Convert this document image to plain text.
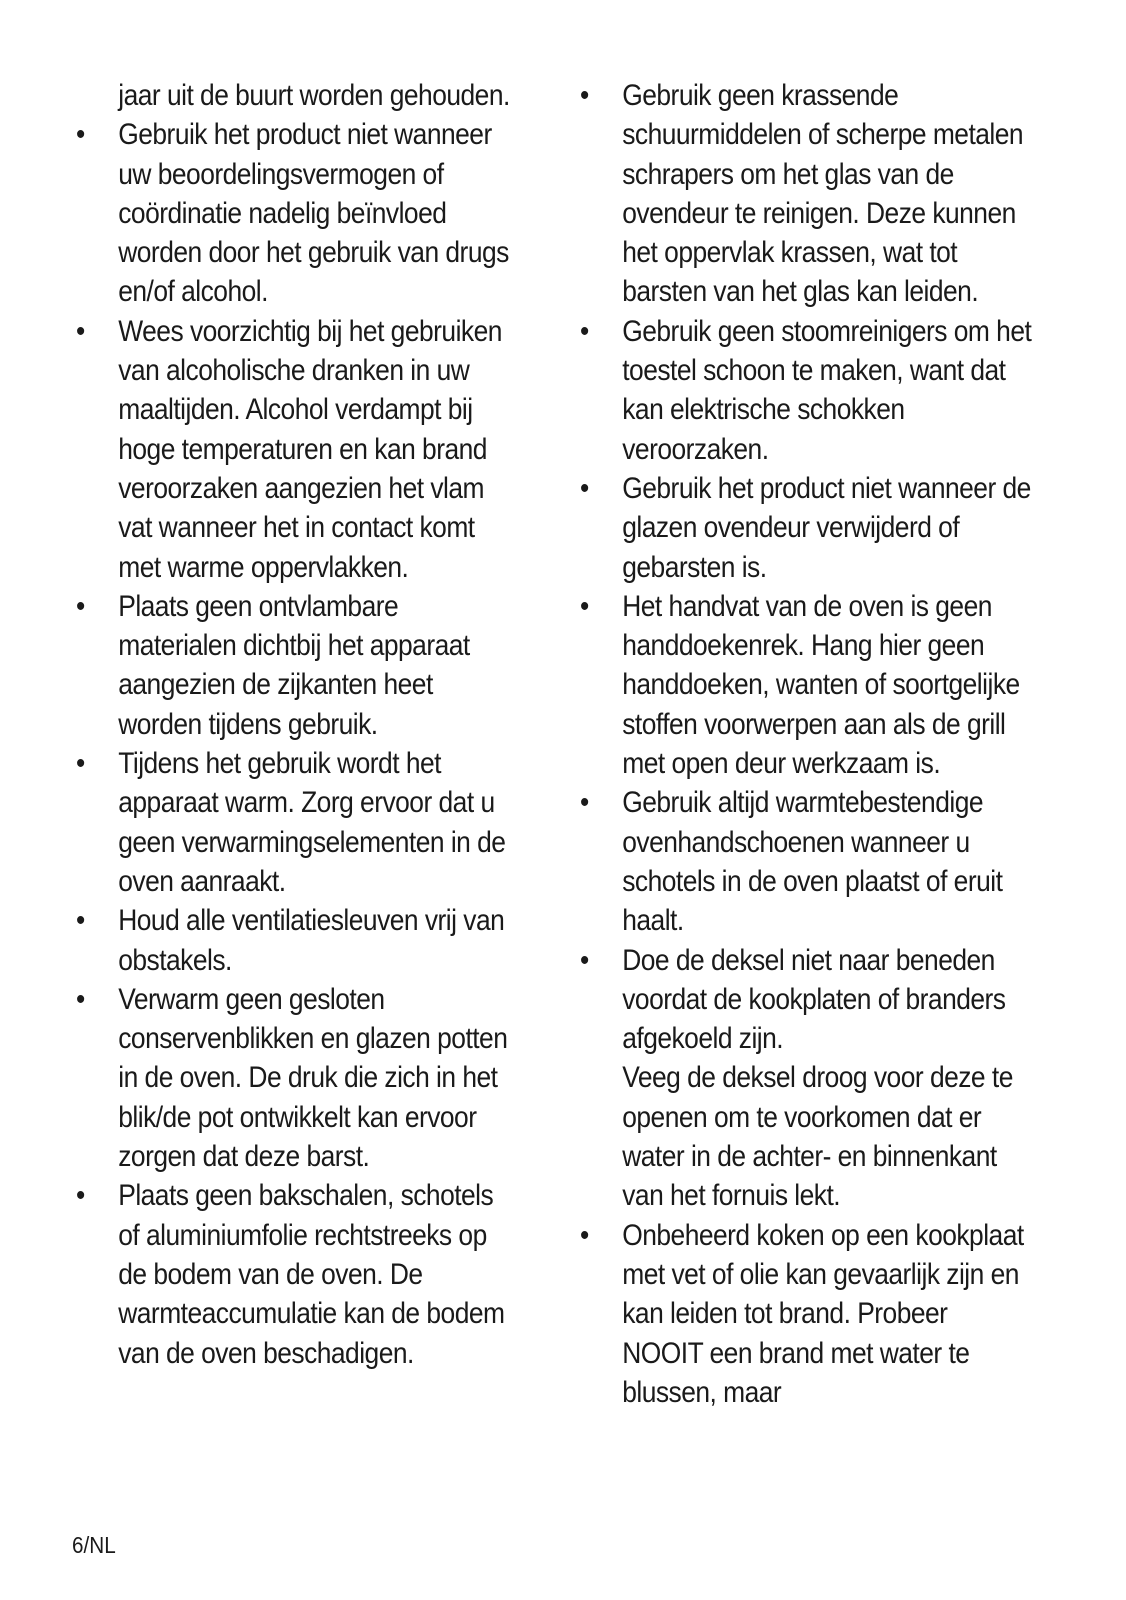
jaar uit de buurt worden gehouden.
• Gebruik het product niet wanneer uw beoordelingsvermogen of coördinatie nadelig beïnvloed worden door het gebruik van drugs en/of alcohol.
• Wees voorzichtig bij het gebruiken van alcoholische dranken in uw maaltijden. Alcohol verdampt bij hoge temperaturen en kan brand veroorzaken aangezien het vlam vat wanneer het in contact komt met warme oppervlakken.
• Plaats geen ontvlambare materialen dichtbij het apparaat aangezien de zijkanten heet worden tijdens gebruik.
• Tijdens het gebruik wordt het apparaat warm. Zorg ervoor dat u geen verwarmingselementen in de oven aanraakt.
• Houd alle ventilatiesleuven vrij van obstakels.
• Verwarm geen gesloten conservenblikken en glazen potten in de oven. De druk die zich in het blik/de pot ontwikkelt kan ervoor zorgen dat deze barst.
• Plaats geen bakschalen, schotels of aluminiumfolie rechtstreeks op de bodem van de oven. De warmteaccumulatie kan de bodem van de oven beschadigen.
• Gebruik geen krassende schuurmiddelen of scherpe metalen schrapers om het glas van de ovendeur te reinigen. Deze kunnen het oppervlak krassen, wat tot barsten van het glas kan leiden.
• Gebruik geen stoomreinigers om het toestel schoon te maken, want dat kan elektrische schokken veroorzaken.
• Gebruik het product niet wanneer de glazen ovendeur verwijderd of gebarsten is.
• Het handvat van de oven is geen handdoekenrek. Hang hier geen handdoeken, wanten of soortgelijke stoffen voorwerpen aan als de grill met open deur werkzaam is.
• Gebruik altijd warmtebestendige ovenhandschoenen wanneer u schotels in de oven plaatst of eruit haalt.
• Doe de deksel niet naar beneden voordat de kookplaten of branders afgekoeld zijn.
Veeg de deksel droog voor deze te openen om te voorkomen dat er water in de achter- en binnenkant van het fornuis lekt.
• Onbeheerd koken op een kookplaat met vet of olie kan gevaarlijk zijn en kan leiden tot brand. Probeer NOOIT een brand met water te blussen, maar
6/NL
